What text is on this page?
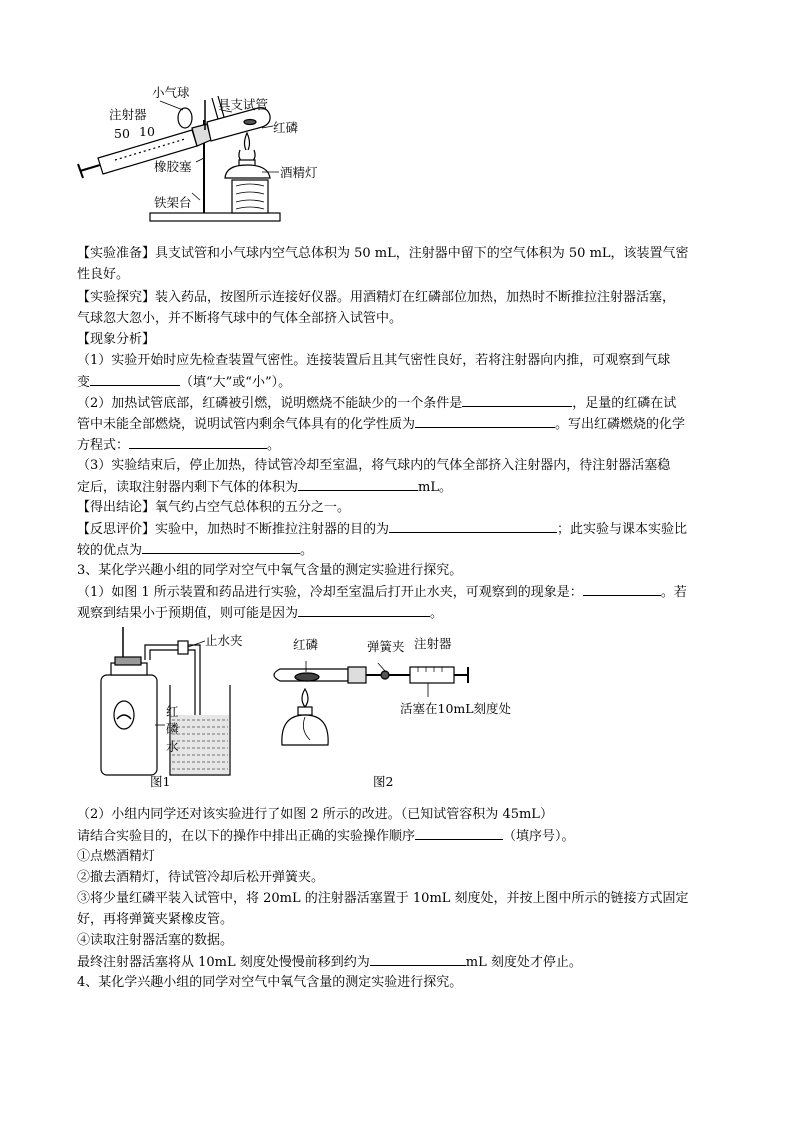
小气球
具支试管
注射器
50 10	红磷
橡胶塞	酒精灯
铁架台
【实验准备】具支试管和小气球内空气总体积为 50 mL，注射器中留下的空气体积为 50 mL，该装置气密
性良好。
【实验探究】装入药品，按图所示连接好仪器。用酒精灯在红磷部位加热，加热时不断推拉注射器活塞，
气球忽大忽小，并不断将气球中的气体全部挤入试管中。
【现象分析】
（1）实验开始时应先检查装置气密性。连接装置后且其气密性良好，若将注射器向内推，可观察到气球
变	（填“大”或“小”）。
（2）加热试管底部，红磷被引燃，说明燃烧不能缺少的一个条件是	，足量的红磷在试
管中未能全部燃烧，说明试管内剩余气体具有的化学性质为	。写出红磷燃烧的化学
方程式：	。
（3）实验结束后，停止加热，待试管冷却至室温，将气球内的气体全部挤入注射器内，待注射器活塞稳
定后，读取注射器内剩下气体的体积为	mL。
【得出结论】氧气约占空气总体积的五分之一。
【反思评价】实验中，加热时不断推拉注射器的目的为	；此实验与课本实验比
较的优点为	。
3、某化学兴趣小组的同学对空气中氧气含量的测定实验进行探究。
（1）如图 1 所示装置和药品进行实验，冷却至室温后打开止水夹，可观察到的现象是：	。若
观察到结果小于预期值，则可能是因为	。
止水夹
红
磷
水
图1
红磷	弹簧夹 注射器
活塞在10mL刻度处
图2
（2）小组内同学还对该实验进行了如图 2 所示的改进。（已知试管容积为 45mL）
请结合实验目的，在以下的操作中排出正确的实验操作顺序	（填序号）。
①点燃酒精灯
②撤去酒精灯，待试管冷却后松开弹簧夹。
③将少量红磷平装入试管中，将 20mL 的注射器活塞置于 10mL 刻度处，并按上图中所示的链接方式固定
好，再将弹簧夹紧橡皮管。
④读取注射器活塞的数据。
最终注射器活塞将从 10mL 刻度处慢慢前移到约为	mL 刻度处才停止。
4、某化学兴趣小组的同学对空气中氧气含量的测定实验进行探究。
